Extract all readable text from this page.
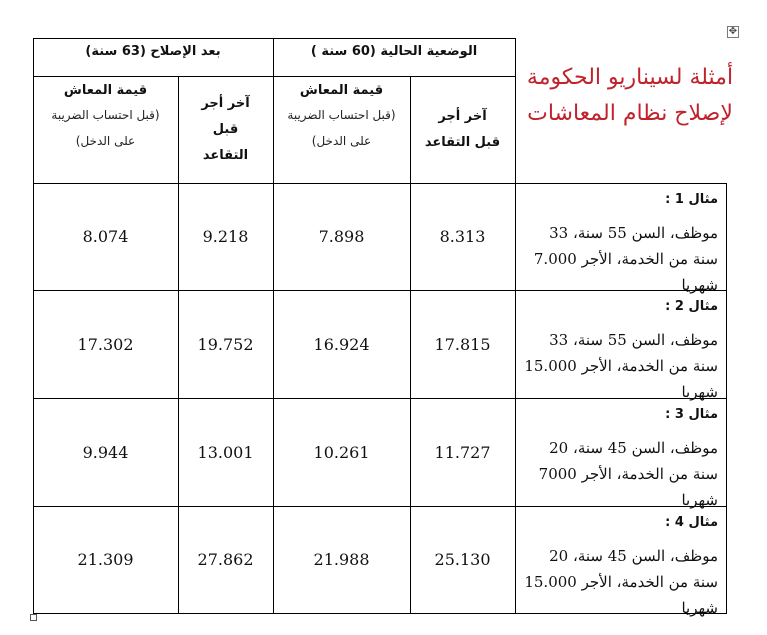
✥
أمثلة لسيناريو الحكومة
لإصلاح نظام المعاشات
الوضعية الحالية (60 سنة )
بعد الإصلاح (63 سنة)
آخر أجر قبل التقاعد
قيمة المعاش
(قبل احتساب الضريبة على الدخل)
آخر أجر قبل التقاعد
قيمة المعاش
(قبل احتساب الضريبة على الدخل)
مثال 1 :
موظف، السن 55 سنة، 33 سنة من الخدمة، الأجر 7.000 شهريا
8.313
7.898
9.218
8.074
مثال 2 :
موظف، السن 55 سنة، 33 سنة من الخدمة، الأجر 15.000 شهريا
17.815
16.924
19.752
17.302
مثال 3 :
موظف، السن 45 سنة، 20 سنة من الخدمة، الأجر 7000 شهريا
11.727
10.261
13.001
9.944
مثال 4 :
موظف، السن 45 سنة، 20 سنة من الخدمة، الأجر 15.000 شهريا
25.130
21.988
27.862
21.309
